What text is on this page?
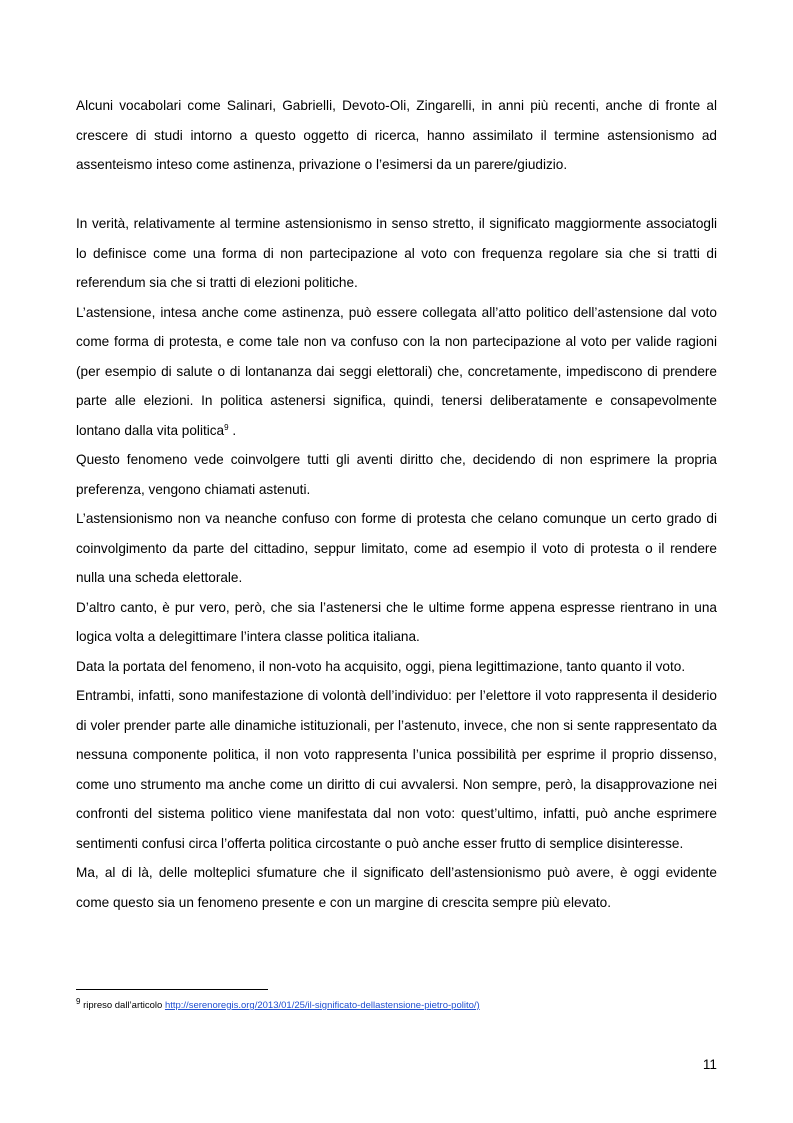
Alcuni vocabolari come Salinari, Gabrielli, Devoto-Oli, Zingarelli, in anni più recenti, anche di fronte al crescere di studi intorno a questo oggetto di ricerca, hanno assimilato il termine astensionismo ad assenteismo inteso come astinenza, privazione o l’esimersi da un parere/giudizio.

In verità, relativamente al termine astensionismo in senso stretto, il significato maggiormente associatogli lo definisce come una forma di non partecipazione al voto con frequenza regolare sia che si tratti di referendum sia che si tratti di elezioni politiche.

L’astensione, intesa anche come astinenza, può essere collegata all’atto politico dell’astensione dal voto come forma di protesta, e come tale non va confuso con la non partecipazione al voto per valide ragioni (per esempio di salute o di lontananza dai seggi elettorali) che, concretamente, impediscono di prendere parte alle elezioni. In politica astenersi significa, quindi, tenersi deliberatamente e consapevolmente lontano dalla vita politica$^9$ .

Questo fenomeno vede coinvolgere tutti gli aventi diritto che, decidendo di non esprimere la propria preferenza, vengono chiamati astenuti.

L’astensionismo non va neanche confuso con forme di protesta che celano comunque un certo grado di coinvolgimento da parte del cittadino, seppur limitato, come ad esempio il voto di protesta o il rendere nulla una scheda elettorale.

D’altro canto, è pur vero, però, che sia l’astenersi che le ultime forme appena espresse rientrano in una logica volta a delegittimare l’intera classe politica italiana.

Data la portata del fenomeno, il non-voto ha acquisito, oggi, piena legittimazione, tanto quanto il voto.

Entrambi, infatti, sono manifestazione di volontà dell’individuo: per l’elettore il voto rappresenta il desiderio di voler prender parte alle dinamiche istituzionali, per l’astenuto, invece, che non si sente rappresentato da nessuna componente politica, il non voto rappresenta l’unica possibilità per esprime il proprio dissenso, come uno strumento ma anche come un diritto di cui avvalersi. Non sempre, però, la disapprovazione nei confronti del sistema politico viene manifestata dal non voto: quest’ultimo, infatti, può anche esprimere sentimenti confusi circa l’offerta politica circostante o può anche esser frutto di semplice disinteresse.

Ma, al di là, delle molteplici sfumature che il significato dell’astensionismo può avere, è oggi evidente come questo sia un fenomeno presente e con un margine di crescita sempre più elevato.

$^9$ ripreso dall’articolo http://serenoregis.org/2013/01/25/il-significato-dellastensione-pietro-polito/)
11
